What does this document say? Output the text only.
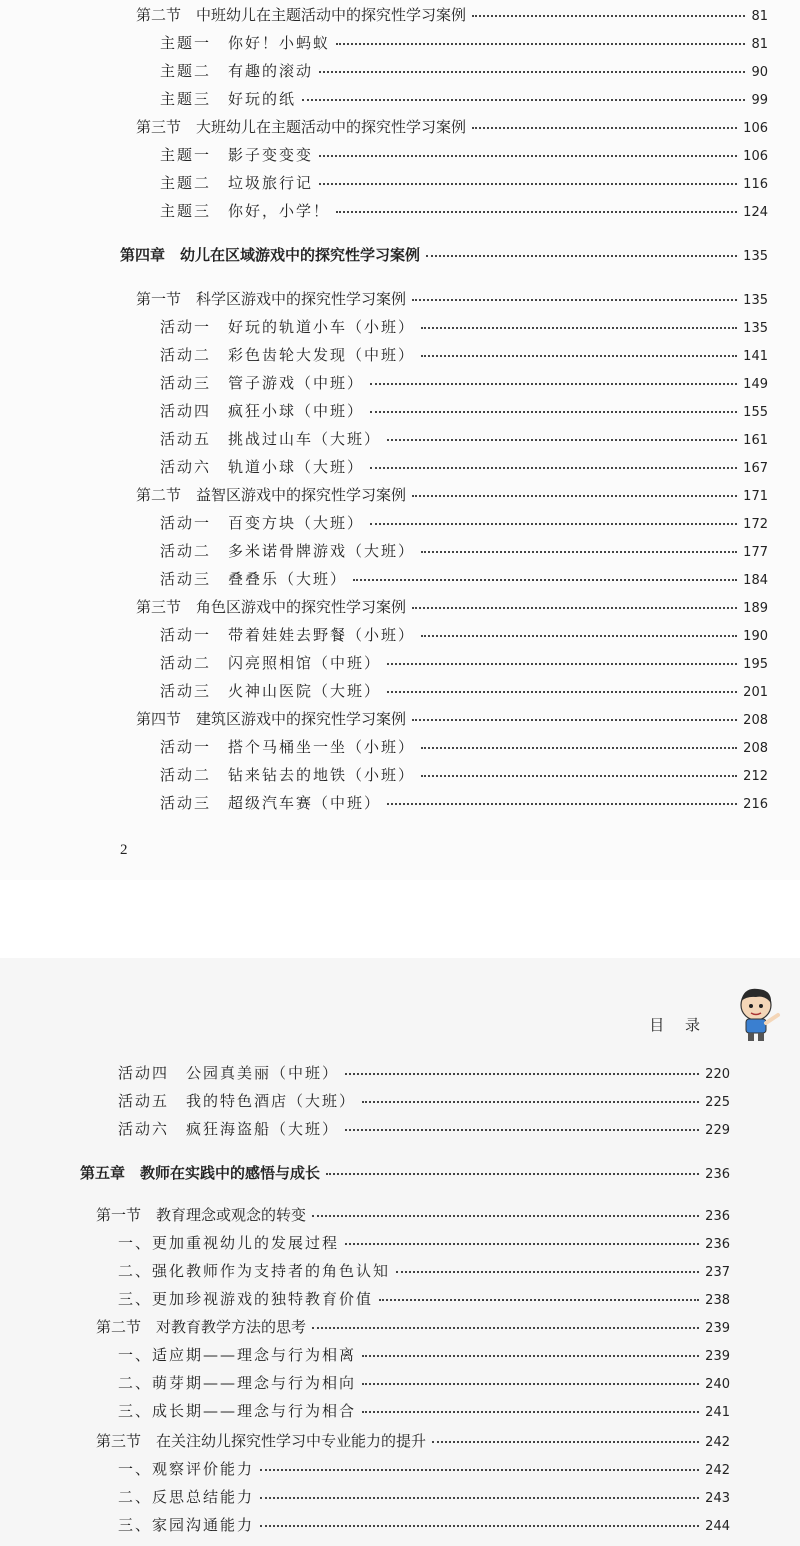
第二节　中班幼儿在主题活动中的探究性学习案例	81
主题一　你好！小蚂蚁	81
主题二　有趣的滚动	90
主题三　好玩的纸	99
第三节　大班幼儿在主题活动中的探究性学习案例	106
主题一　影子变变变	106
主题二　垃圾旅行记	116
主题三　你好，小学！	124
第四章　幼儿在区域游戏中的探究性学习案例	135
第一节　科学区游戏中的探究性学习案例	135
活动一　好玩的轨道小车（小班）	135
活动二　彩色齿轮大发现（中班）	141
活动三　管子游戏（中班）	149
活动四　疯狂小球（中班）	155
活动五　挑战过山车（大班）	161
活动六　轨道小球（大班）	167
第二节　益智区游戏中的探究性学习案例	171
活动一　百变方块（大班）	172
活动二　多米诺骨牌游戏（大班）	177
活动三　叠叠乐（大班）	184
第三节　角色区游戏中的探究性学习案例	189
活动一　带着娃娃去野餐（小班）	190
活动二　闪亮照相馆（中班）	195
活动三　火神山医院（大班）	201
第四节　建筑区游戏中的探究性学习案例	208
活动一　搭个马桶坐一坐（小班）	208
活动二　钻来钻去的地铁（小班）	212
活动三　超级汽车赛（中班）	216
2
活动四　公园真美丽（中班）	220
活动五　我的特色酒店（大班）	225
活动六　疯狂海盗船（大班）	229
第五章　教师在实践中的感悟与成长	236
第一节　教育理念或观念的转变	236
一、更加重视幼儿的发展过程	236
二、强化教师作为支持者的角色认知	237
三、更加珍视游戏的独特教育价值	238
第二节　对教育教学方法的思考	239
一、适应期——理念与行为相离	239
二、萌芽期——理念与行为相向	240
三、成长期——理念与行为相合	241
第三节　在关注幼儿探究性学习中专业能力的提升	242
一、观察评价能力	242
二、反思总结能力	243
三、家园沟通能力	244
目 录
